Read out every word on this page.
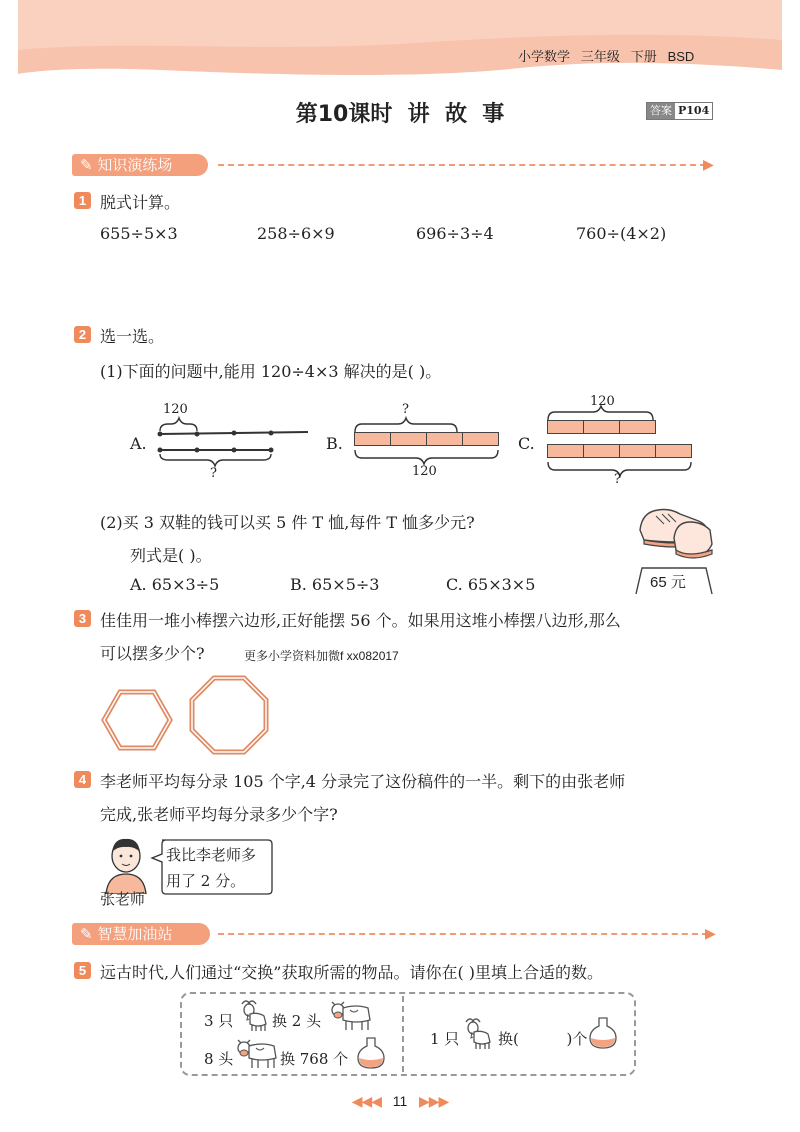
小学数学 三年级 下册 BSD
第10课时  讲  故  事	答案 P104
✎ 知识演练场	▶
1 脱式计算。
655÷5×3	258÷6×9	696÷3÷4	760÷(4×2)
2 选一选。
(1)下面的问题中,能用 120÷4×3 解决的是( )。
A.
120
?
B.
?
120
C.
120
?
(2)买 3 双鞋的钱可以买 5 件 T 恤,每件 T 恤多少元?
列式是( )。
A. 65×3÷5	B. 65×5÷3	C. 65×3×5	65 元
3 佳佳用一堆小棒摆六边形,正好能摆 56 个。如果用这堆小棒摆八边形,那么
可以摆多少个?	更多小学资料加微f xx082017
4 李老师平均每分录 105 个字,4 分录完了这份稿件的一半。剩下的由张老师
完成,张老师平均每分录多少个字?
张老师
我比李老师多
用了 2 分。
✎ 智慧加油站	▶
5 远古时代,人们通过“交换”获取所需的物品。请你在( )里填上合适的数。
3 只	换 2 头
8 头	换 768 个
1 只	换(          )个
◀◀◀ 11 ▶▶▶
